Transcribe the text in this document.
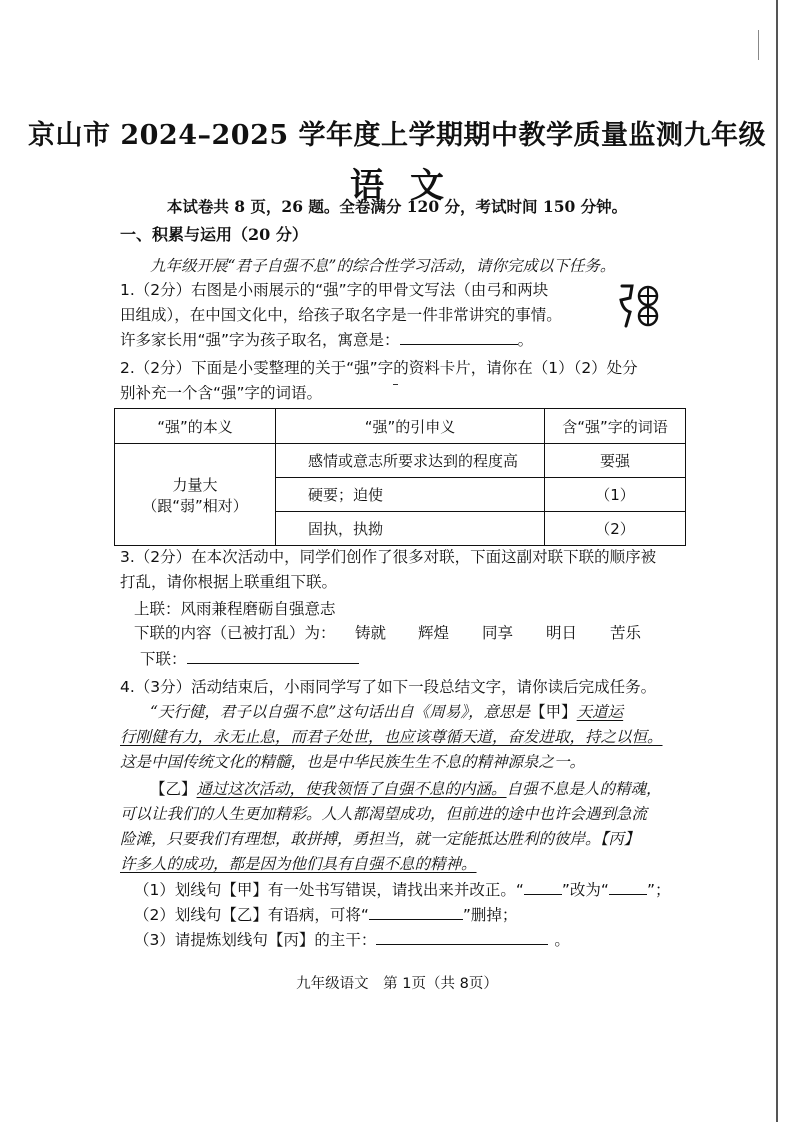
京山市 2024–2025 学年度上学期期中教学质量监测九年级
语文
本试卷共 8 页，26 题。全卷满分 120 分，考试时间 150 分钟。
一、积累与运用（20 分）
九年级开展“君子自强不息”的综合性学习活动，请你完成以下任务。
1.（2分）右图是小雨展示的“强”字的甲骨文写法（由弓和两块
田组成），在中国文化中，给孩子取名字是一件非常讲究的事情。
许多家长用“强”字为孩子取名，寓意是：	。
2.（2分）下面是小雯整理的关于“强”字的资料卡片，请你在（1）（2）处分
别补充一个含“强”字的词语。
“强”的本义	“强”的引申义	含“强”字的词语

力量大
（跟“弱”相对）	感情或意志所要求达到的程度高	要强
	硬要；迫使	（1）
	固执，执拗	（2）
3.（2分）在本次活动中，同学们创作了很多对联，下面这副对联下联的顺序被
打乱，请你根据上联重组下联。
上联：风雨兼程磨砺自强意志
下联的内容（已被打乱）为： 铸就 辉煌 同享 明日 苦乐
下联：
4.（3分）活动结束后，小雨同学写了如下一段总结文字，请你读后完成任务。
“天行健，君子以自强不息”这句话出自《周易》，意思是【甲】天道运
行刚健有力，永无止息，而君子处世，也应该尊循天道，奋发进取，持之以恒。
这是中国传统文化的精髓，也是中华民族生生不息的精神源泉之一。
【乙】通过这次活动，使我领悟了自强不息的内涵。自强不息是人的精魂，
可以让我们的人生更加精彩。人人都渴望成功，但前进的途中也许会遇到急流
险滩，只要我们有理想，敢拼搏，勇担当，就一定能抵达胜利的彼岸。【丙】
许多人的成功，都是因为他们具有自强不息的精神。
（1）划线句【甲】有一处书写错误，请找出来并改正。“ ”改为“ ”；
（2）划线句【乙】有语病，可将“	”删掉；
（3）请提炼划线句【丙】的主干：	。
九年级语文　第 1页（共 8页）
